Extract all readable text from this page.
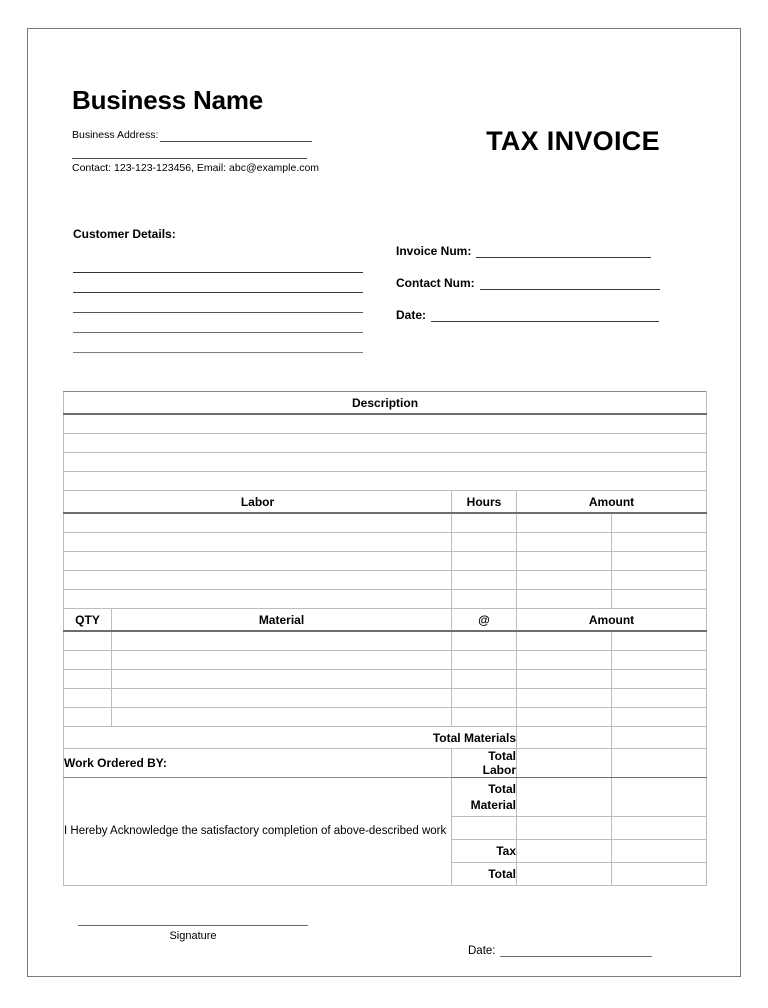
Business Name
Business Address:
Contact: 123-123-123456, Email: abc@example.com
TAX INVOICE
Customer Details:
Invoice Num:
Contact Num:
Date:
Description				

Labor		Hours	Amount	

QTY	Material	@	Amount	

Total Materials				
Work Ordered BY:		Total Labor		
I Hereby Acknowledge the satisfactory completion of above-described work		Total Material		

		Tax		
		Total		
Signature
Date:
